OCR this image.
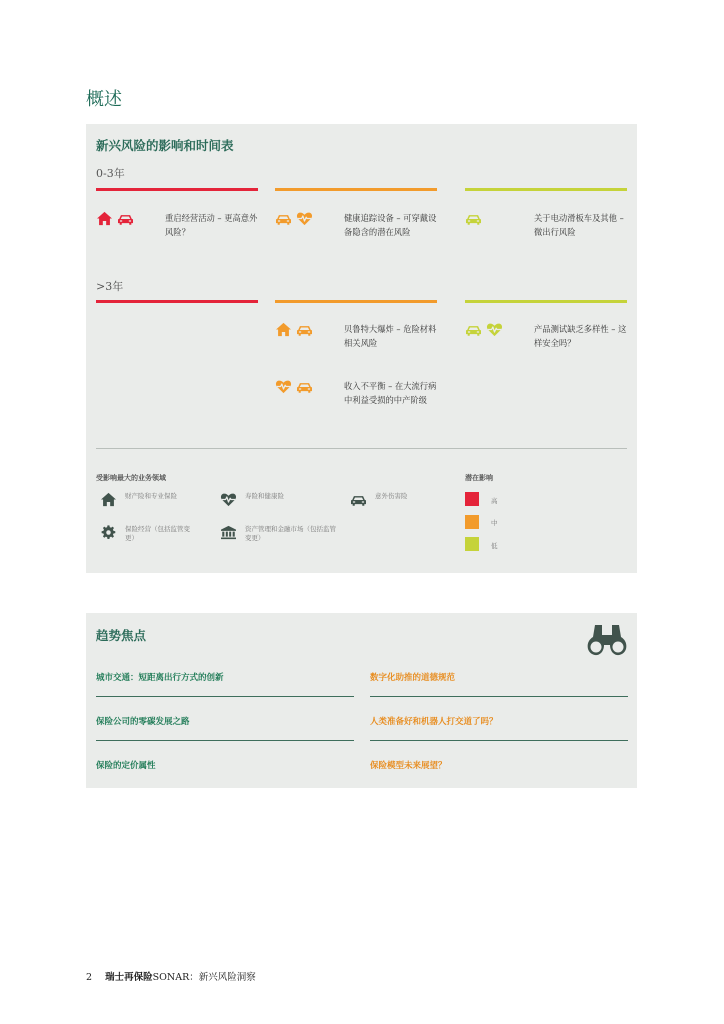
概述
新兴风险的影响和时间表
0-3年
重启经营活动 – 更高意外风险？
健康追踪设备 – 可穿戴设备隐含的潜在风险
关于电动滑板车及其他 – 微出行风险
>3年
贝鲁特大爆炸 – 危险材料相关风险
收入不平衡 – 在大流行病中利益受损的中产阶级
产品测试缺乏多样性 – 这样安全吗？
受影响最大的业务领域
财产险和专业保险	寿险和健康险	意外伤害险
保险经营（包括监管变更）
资产管理和金融市场（包括监管变更）
潜在影响
高
中
低
趋势焦点
城市交通：短距离出行方式的创新	数字化助推的道德规范
保险公司的零碳发展之路	人类准备好和机器人打交道了吗？
保险的定价属性	保险模型未来展望？
2 瑞士再保险SONAR：新兴风险洞察
